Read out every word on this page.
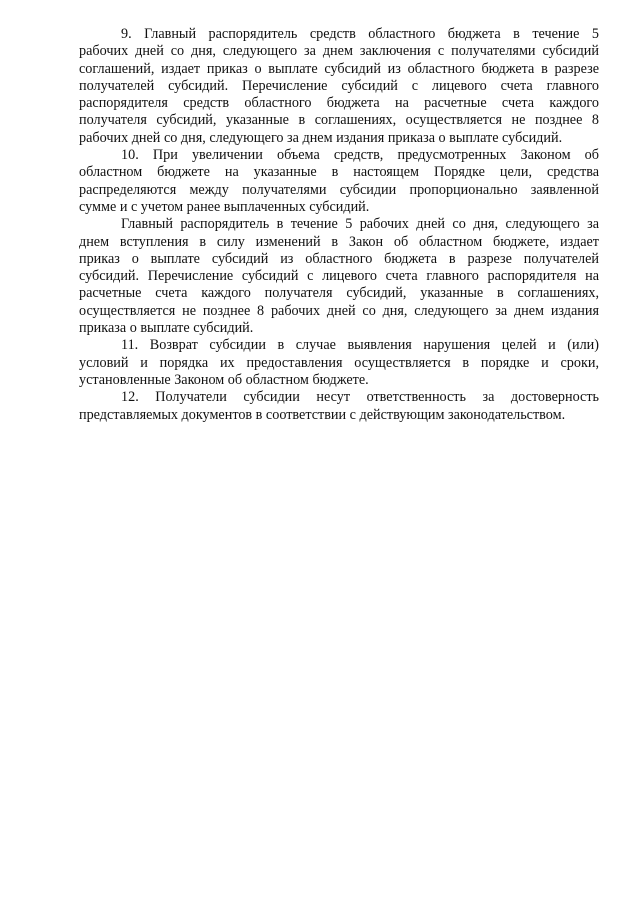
9. Главный распорядитель средств областного бюджета в течение 5
рабочих дней со дня, следующего за днем заключения с получателями субсидий
соглашений, издает приказ о выплате субсидий из областного бюджета в разрезе
получателей субсидий. Перечисление субсидий с лицевого счета главного
распорядителя средств областного бюджета на расчетные счета каждого
получателя субсидий, указанные в соглашениях, осуществляется не позднее 8
рабочих дней со дня, следующего за днем издания приказа о выплате субсидий.
10. При увеличении объема средств, предусмотренных Законом об
областном бюджете на указанные в настоящем Порядке цели, средства
распределяются между получателями субсидии пропорционально заявленной
сумме и с учетом ранее выплаченных субсидий.
Главный распорядитель в течение 5 рабочих дней со дня, следующего за
днем вступления в силу изменений в Закон об областном бюджете, издает
приказ о выплате субсидий из областного бюджета в разрезе получателей
субсидий. Перечисление субсидий с лицевого счета главного распорядителя на
расчетные счета каждого получателя субсидий, указанные в соглашениях,
осуществляется не позднее 8 рабочих дней со дня, следующего за днем издания
приказа о выплате субсидий.
11. Возврат субсидии в случае выявления нарушения целей и (или)
условий и порядка их предоставления осуществляется в порядке и сроки,
установленные Законом об областном бюджете.
12. Получатели субсидии несут ответственность за достоверность
представляемых документов в соответствии с действующим законодательством.
